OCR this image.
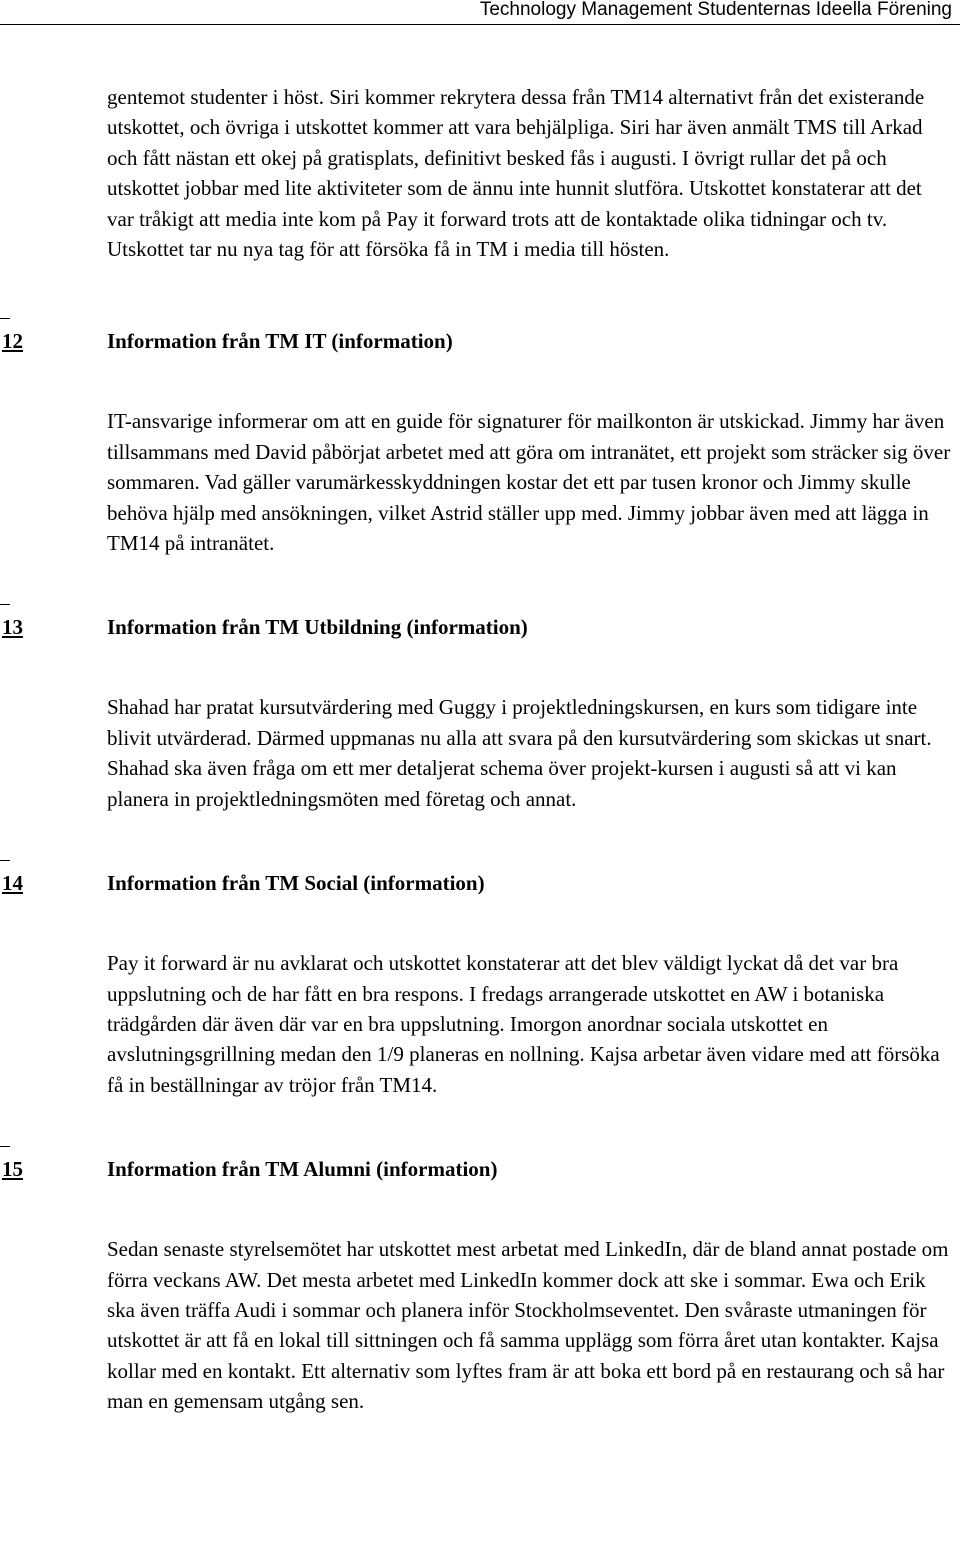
Technology Management Studenternas Ideella Förening

gentemot studenter i höst. Siri kommer rekrytera dessa från TM14 alternativt från det existerande utskottet, och övriga i utskottet kommer att vara behjälpliga. Siri har även anmält TMS till Arkad och fått nästan ett okej på gratisplats, definitivt besked fås i augusti. I övrigt rullar det på och utskottet jobbar med lite aktiviteter som de ännu inte hunnit slutföra. Utskottet konstaterar att det var tråkigt att media inte kom på Pay it forward trots att de kontaktade olika tidningar och tv. Utskottet tar nu nya tag för att försöka få in TM i media till hösten.

12	Information från TM IT (information)

IT-ansvarige informerar om att en guide för signaturer för mailkonton är utskickad. Jimmy har även tillsammans med David påbörjat arbetet med att göra om intranätet, ett projekt som sträcker sig över sommaren. Vad gäller varumärkesskyddningen kostar det ett par tusen kronor och Jimmy skulle behöva hjälp med ansökningen, vilket Astrid ställer upp med. Jimmy jobbar även med att lägga in TM14 på intranätet.

13	Information från TM Utbildning (information)

Shahad har pratat kursutvärdering med Guggy i projektledningskursen, en kurs som tidigare inte blivit utvärderad. Därmed uppmanas nu alla att svara på den kursutvärdering som skickas ut snart. Shahad ska även fråga om ett mer detaljerat schema över projekt-kursen i augusti så att vi kan planera in projektledningsmöten med företag och annat.

14	Information från TM Social (information)

Pay it forward är nu avklarat och utskottet konstaterar att det blev väldigt lyckat då det var bra uppslutning och de har fått en bra respons. I fredags arrangerade utskottet en AW i botaniska trädgården där även där var en bra uppslutning. Imorgon anordnar sociala utskottet en avslutningsgrillning medan den 1/9 planeras en nollning. Kajsa arbetar även vidare med att försöka få in beställningar av tröjor från TM14.

15	Information från TM Alumni (information)

Sedan senaste styrelsemötet har utskottet mest arbetat med LinkedIn, där de bland annat postade om förra veckans AW. Det mesta arbetet med LinkedIn kommer dock att ske i sommar. Ewa och Erik ska även träffa Audi i sommar och planera inför Stockholmseventet. Den svåraste utmaningen för utskottet är att få en lokal till sittningen och få samma upplägg som förra året utan kontakter. Kajsa kollar med en kontakt. Ett alternativ som lyftes fram är att boka ett bord på en restaurang och så har man en gemensam utgång sen.
